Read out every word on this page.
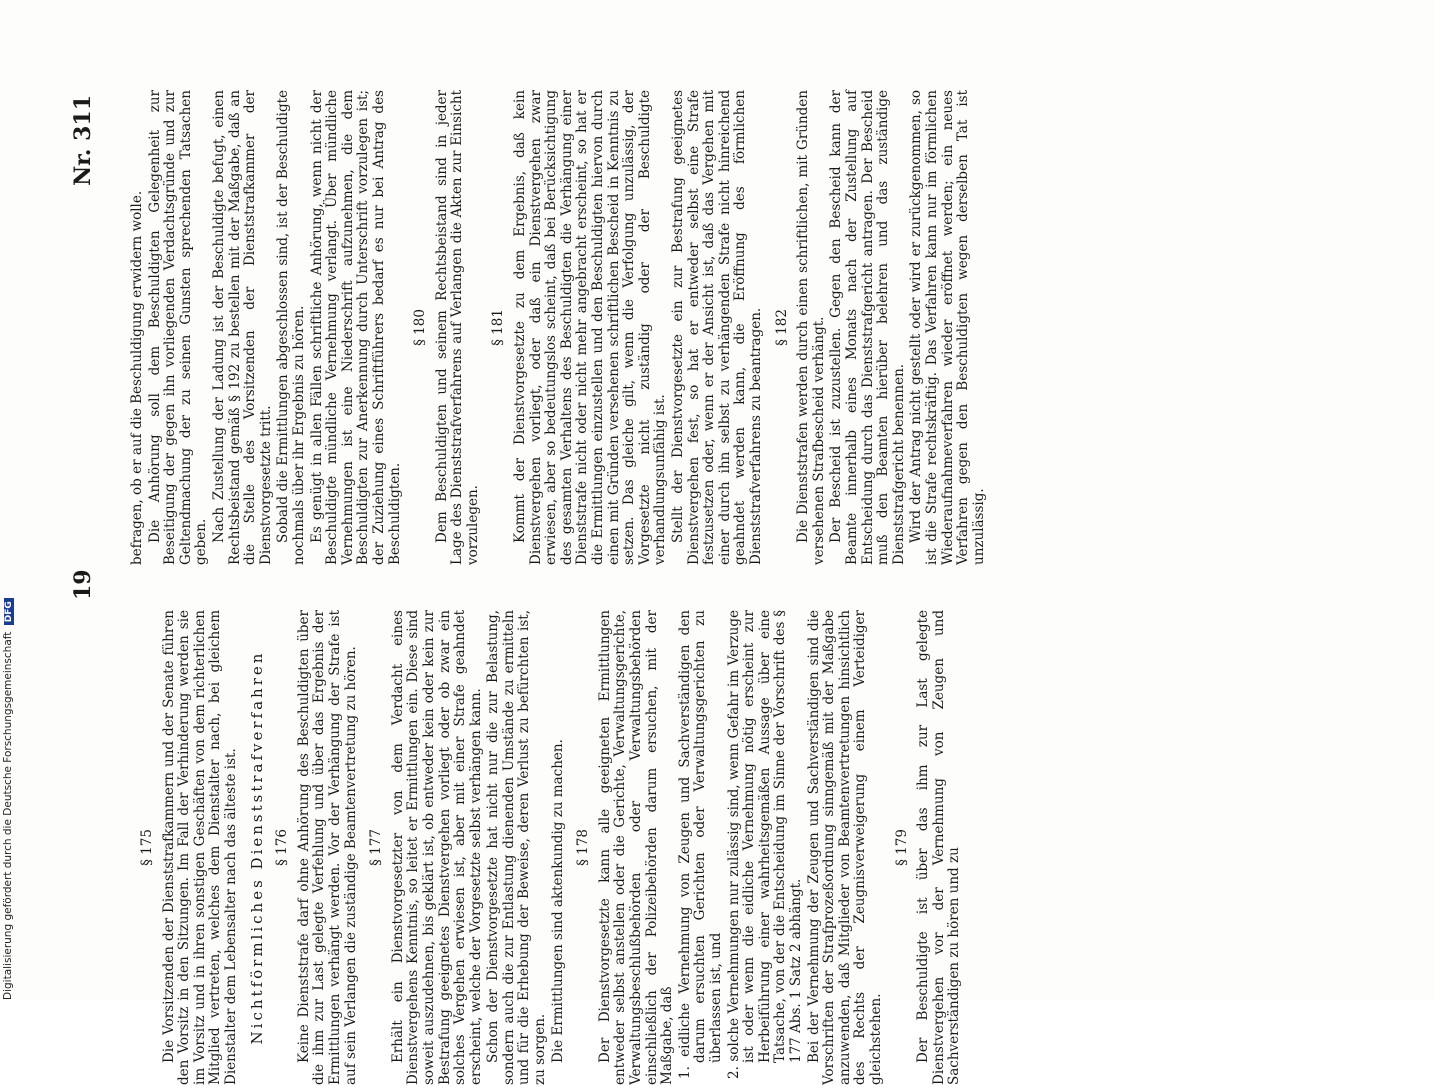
19
Nr. 311
§ 175 Die Vorsitzenden der Dienststrafkammern und der Senate führen den Vorsitz in den Sitzungen. Im Fall der Verhinderung werden sie im Vorsitz und in ihren sonstigen Geschäften von dem richterlichen Mitglied vertreten, welches dem Dienstalter nach, bei gleichem Dienstalter dem Lebensalter nach das älteste ist. Nichtförmliches Dienststrafverfahren § 176 Keine Dienststrafe darf ohne Anhörung des Beschuldigten über die ihm zur Last gelegte Verfehlung und über das Ergebnis der Ermittlungen verhängt werden. Vor der Verhängung der Strafe ist auf sein Verlangen die zuständige Beamtenvertretung zu hören. § 177 Erhält ein Dienstvorgesetzter von dem Verdacht eines Dienstvergehens Kenntnis, so leitet er Ermittlungen ein. Diese sind soweit auszudehnen, bis geklärt ist, ob entweder kein oder kein zur Bestrafung geeignetes Dienstvergehen vorliegt oder ob zwar ein solches Vergehen erwiesen ist, aber mit einer Strafe geahndet erscheint, welche der Vorgesetzte selbst verhängen kann. Schon der Dienstvorgesetzte hat nicht nur die zur Belastung, sondern auch die zur Entlastung dienenden Umstände zu ermitteln und für die Erhebung der Beweise, deren Verlust zu befürchten ist, zu sorgen. Die Ermittlungen sind aktenkundig zu machen. § 178 Der Dienstvorgesetzte kann alle geeigneten Ermittlungen entweder selbst anstellen oder die Gerichte, Verwaltungsgerichte, Verwaltungsbeschlußbehörden oder Verwaltungsbehörden einschließlich der Polizeibehörden darum ersuchen, mit der Maßgabe, daß 1. eidliche Vernehmung von Zeugen und Sachverständigen den darum ersuchten Gerichten oder Verwaltungsgerichten zu überlassen ist, und 2. solche Vernehmungen nur zulässig sind, wenn Gefahr im Verzuge ist oder wenn die eidliche Vernehmung nötig erscheint zur Herbeiführung einer wahrheitsgemäßen Aussage über eine Tatsache, von der die Entscheidung im Sinne der Vorschrift des § 177 Abs. 1 Satz 2 abhängt. Bei der Vernehmung der Zeugen und Sachverständigen sind die Vorschriften der Strafprozeßordnung sinngemäß mit der Maßgabe anzuwenden, daß Mitglieder von Beamtenvertretungen hinsichtlich des Rechts der Zeugnisverweigerung einem Verteidiger gleichstehen.

§ 179 Der Beschuldigte ist über das ihm zur Last gelegte Dienstvergehen vor der Vernehmung von Zeugen und Sachverständigen zu hören und zu

befragen, ob er auf die Beschuldigung erwidern wolle. Die Anhörung soll dem Beschuldigten Gelegenheit zur Beseitigung der gegen ihn vorliegenden Verdachtsgründe und zur Geltendmachung der zu seinen Gunsten sprechenden Tatsachen geben. Nach Zustellung der Ladung ist der Beschuldigte befugt, einen Rechtsbeistand gemäß § 192 zu bestellen mit der Maßgabe, daß an die Stelle des Vorsitzenden der Dienststrafkammer der Dienstvorgesetzte tritt. Sobald die Ermittlungen abgeschlossen sind, ist der Beschuldigte nochmals über ihr Ergebnis zu hören. Es genügt in allen Fällen schriftliche Anhörung, wenn nicht der Beschuldigte mündliche Vernehmung verlangt. Über mündliche Vernehmungen ist eine Niederschrift aufzunehmen, die dem Beschuldigten zur Anerkennung durch Unterschrift vorzulegen ist; der Zuziehung eines Schriftführers bedarf es nur bei Antrag des Beschuldigten.

§ 180 Dem Beschuldigten und seinem Rechtsbeistand sind in jeder Lage des Dienststrafverfahrens auf Verlangen die Akten zur Einsicht vorzulegen.

§ 181 Kommt der Dienstvorgesetzte zu dem Ergebnis, daß kein Dienstvergehen vorliegt, oder daß ein Dienstvergehen zwar erwiesen, aber so bedeutungslos scheint, daß bei Berücksichtigung des gesamten Verhaltens des Beschuldigten die Verhängung einer Dienststrafe nicht oder nicht mehr angebracht erscheint, so hat er die Ermittlungen einzustellen und den Beschuldigten hiervon durch einen mit Gründen versehenen schriftlichen Bescheid in Kenntnis zu setzen. Das gleiche gilt, wenn die Verfolgung unzulässig, der Vorgesetzte nicht zuständig oder der Beschuldigte verhandlungsunfähig ist. Stellt der Dienstvorgesetzte ein zur Bestrafung geeignetes Dienstvergehen fest, so hat er entweder selbst eine Strafe festzusetzen oder, wenn er der Ansicht ist, daß das Vergehen mit einer durch ihn selbst zu verhängenden Strafe nicht hinreichend geahndet werden kann, die Eröffnung des förmlichen Dienststrafverfahrens zu beantragen. § 182 Die Dienststrafen werden durch einen schriftlichen, mit Gründen versehenen Strafbescheid verhängt. Der Bescheid ist zuzustellen. Gegen den Bescheid kann der Beamte innerhalb eines Monats nach der Zustellung auf Entscheidung durch das Dienststrafgericht antragen. Der Bescheid muß den Beamten hierüber belehren und das zuständige Dienststrafgericht benennen. Wird der Antrag nicht gestellt oder wird er zurückgenommen, so ist die Strafe rechtskräftig. Das Verfahren kann nur im förmlichen Wiederaufnahmeverfahren wieder eröffnet werden; ein neues Verfahren gegen den Beschuldigten wegen derselben Tat ist unzulässig.

Digitalisierung gefördert durch die Deutsche Forschungsgemeinschaft DFG
